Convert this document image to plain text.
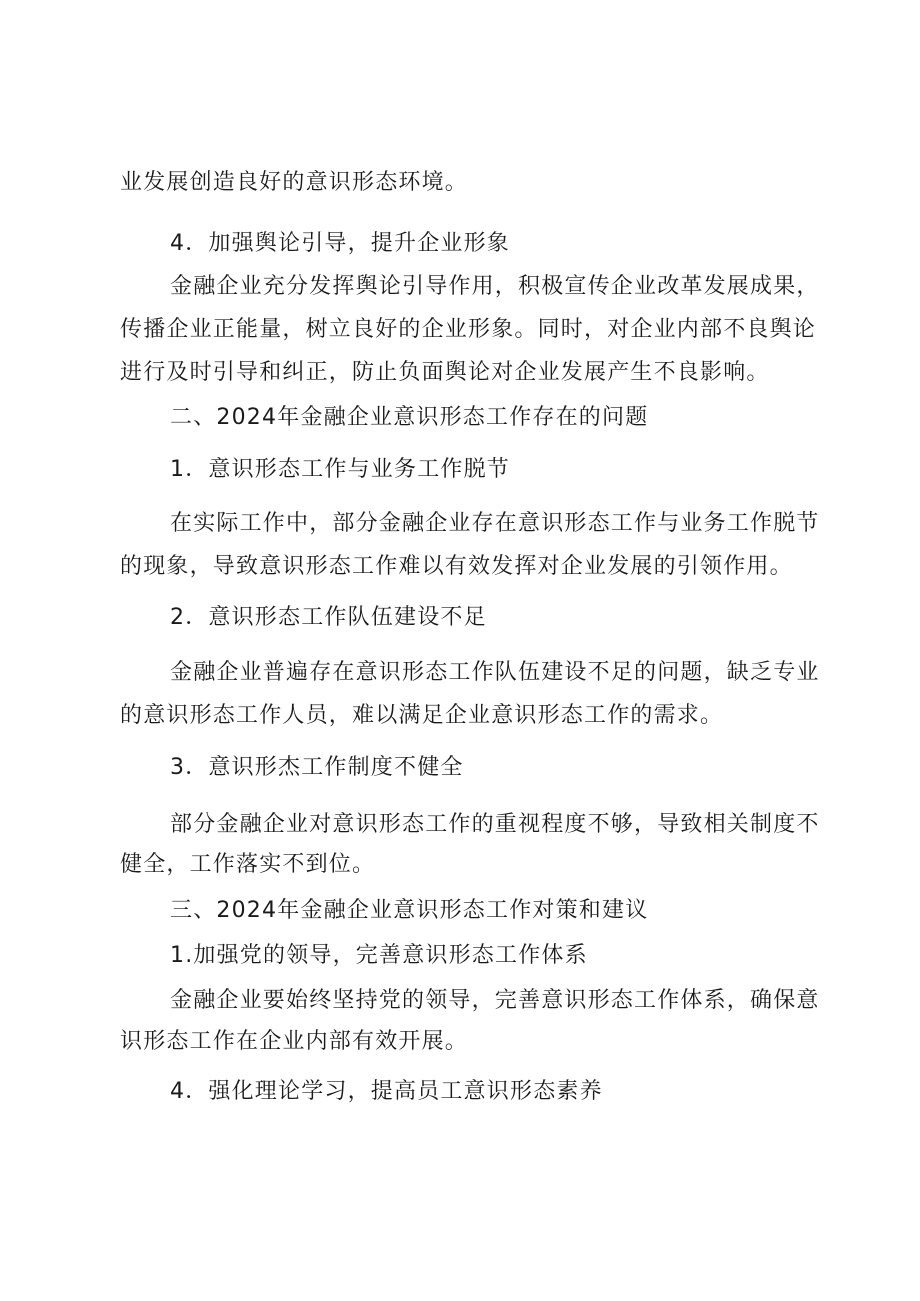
业发展创造良好的意识形态环境。
4．加强舆论引导，提升企业形象
金融企业充分发挥舆论引导作用，积极宣传企业改革发展成果，
传播企业正能量，树立良好的企业形象。同时，对企业内部不良舆论
进行及时引导和纠正，防止负面舆论对企业发展产生不良影响。
二、2024年金融企业意识形态工作存在的问题
1．意识形态工作与业务工作脱节
在实际工作中，部分金融企业存在意识形态工作与业务工作脱节
的现象，导致意识形态工作难以有效发挥对企业发展的引领作用。
2．意识形态工作队伍建设不足
金融企业普遍存在意识形态工作队伍建设不足的问题，缺乏专业
的意识形态工作人员，难以满足企业意识形态工作的需求。
3．意识形杰工作制度不健全
部分金融企业对意识形态工作的重视程度不够，导致相关制度不
健全，工作落实不到位。
三、2024年金融企业意识形态工作对策和建议
1.加强党的领导，完善意识形态工作体系
金融企业要始终坚持党的领导，完善意识形态工作体系，确保意
识形态工作在企业内部有效开展。
4．强化理论学习，提高员工意识形态素养
